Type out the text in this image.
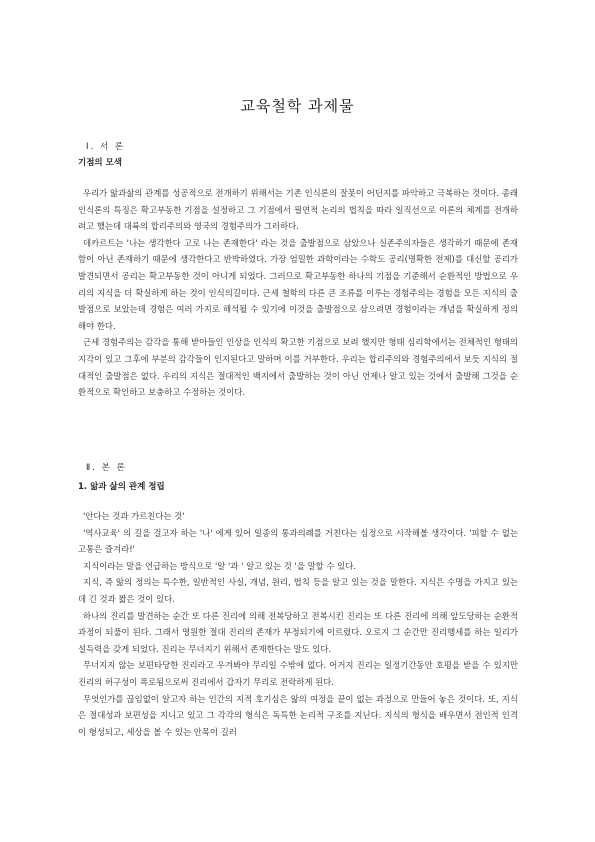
교육철학 과제물
Ⅰ. 서 론
기점의 모색

우리가 앎과삶의 관계를 성공적으로 전개하기 위해서는 기존 인식론의 잘못이 어딘지를 파악하고 극복하는 것이다. 종래 인식론의 특징은 확고부동한 기점을 설정하고 그 기점에서 필연적 논리의 법칙을 따라 일직선으로 이론의 체계를 전개하려고 했는데 대륙의 합리주의와 영국의 경험주의가 그러하다.

데카르트는 '나는 생각한다 고로 나는 존재한다' 라는 것을 출발점으로 삼았으나 실존주의자들은 생각하기 때문에 존재함이 아닌 존재하기 때문에 생각한다고 반박하였다. 가장 엄밀한 과학이라는 수학도 공리(명확한 전제)를 대신할 공리가 발견되면서 공리는 확고부동한 것이 아니게 되었다. 그러므로 확고부동한 하나의 기점을 기준해서 순환적인 방법으로 우리의 지식을 더 확실하게 하는 것이 인식의길이다. 근세 철학의 다른 큰 조류를 이루는 경험주의는 경험을 모든 지식의 출발점으로 보았는데 경험은 여러 가지로 해석될 수 있기에 이것을 출발점으로 삼으려면 경험이라는 개념을 확실하게 정의해야 한다.

근세 경험주의는 감각을 통해 받아들인 인상을 인식의 확고한 기점으로 보려 했지만 형태 심리학에서는 전체적인 형태의 지각이 있고 그후에 부분의 감각들이 인지된다고 말하며 이를 거부한다. 우리는 합리주의와 경험주의에서 보듯 지식의 절대적인 출발점은 없다. 우리의 지식은 절대적인 백지에서 출발하는 것이 아닌 언제나 알고 있는 것에서 출발해 그것을 순환적으로 확인하고 보충하고 수정하는 것이다.

Ⅱ. 본 론
1. 앎과 삶의 관계 정립

'안다는 것과 가르친다는 것'

'역사교육' 의 길을 걸고자 하는 '나' 에게 있어 일종의 통과의례를 거친다는 심정으로 시작해볼 생각이다. '피할 수 없는 고통은 즐겨라!'

지식이라는 말을 언급하는 방식으로 '알 '과 ' 알고 있는 것 '을 말할 수 있다.

지식, 즉 앎의 정의는 특수한, 일반적인 사실, 개념, 원리, 법칙 등을 알고 있는 것을 말한다. 지식은 수명을 가지고 있는데 긴 것과 짧은 것이 있다.

하나의 진리를 발견하는 순간 또 다른 진리에 의해 전복당하고 전복시킨 진리는 또 다른 진리에 의해 앞도당하는 순환적 과정이 되풀이 된다. 그래서 영원한 절대 진리의 존재가 부정되기에 이르렀다. 오로지 그 순간만 진리행세를 하는 일리가 설득력을 갖게 되었다. 진리는 무너지기 위해서 존재한다는 말도 있다.

무너지지 않는 보편타당한 진리라고 우겨봐야 무리일 수밖에 없다. 어거지 진리는 일정기간동안 호평을 받을 수 있지만 진리의 허구성이 폭로됨으로써 진리에서 갑자기 무리로 전락하게 된다.

무엇인가를 끊임없이 알고자 하는 인간의 지적 호기심은 앎의 여정을 끝이 없는 과정으로 만들어 놓은 것이다. 또, 지식은 절대성과 보편성을 지니고 있고 그 각각의 형식은 독특한 논리적 구조를 지닌다. 지식의 형식을 배우면서 전인적 인격이 형성되고, 세상을 볼 수 있는 안목이 길러
